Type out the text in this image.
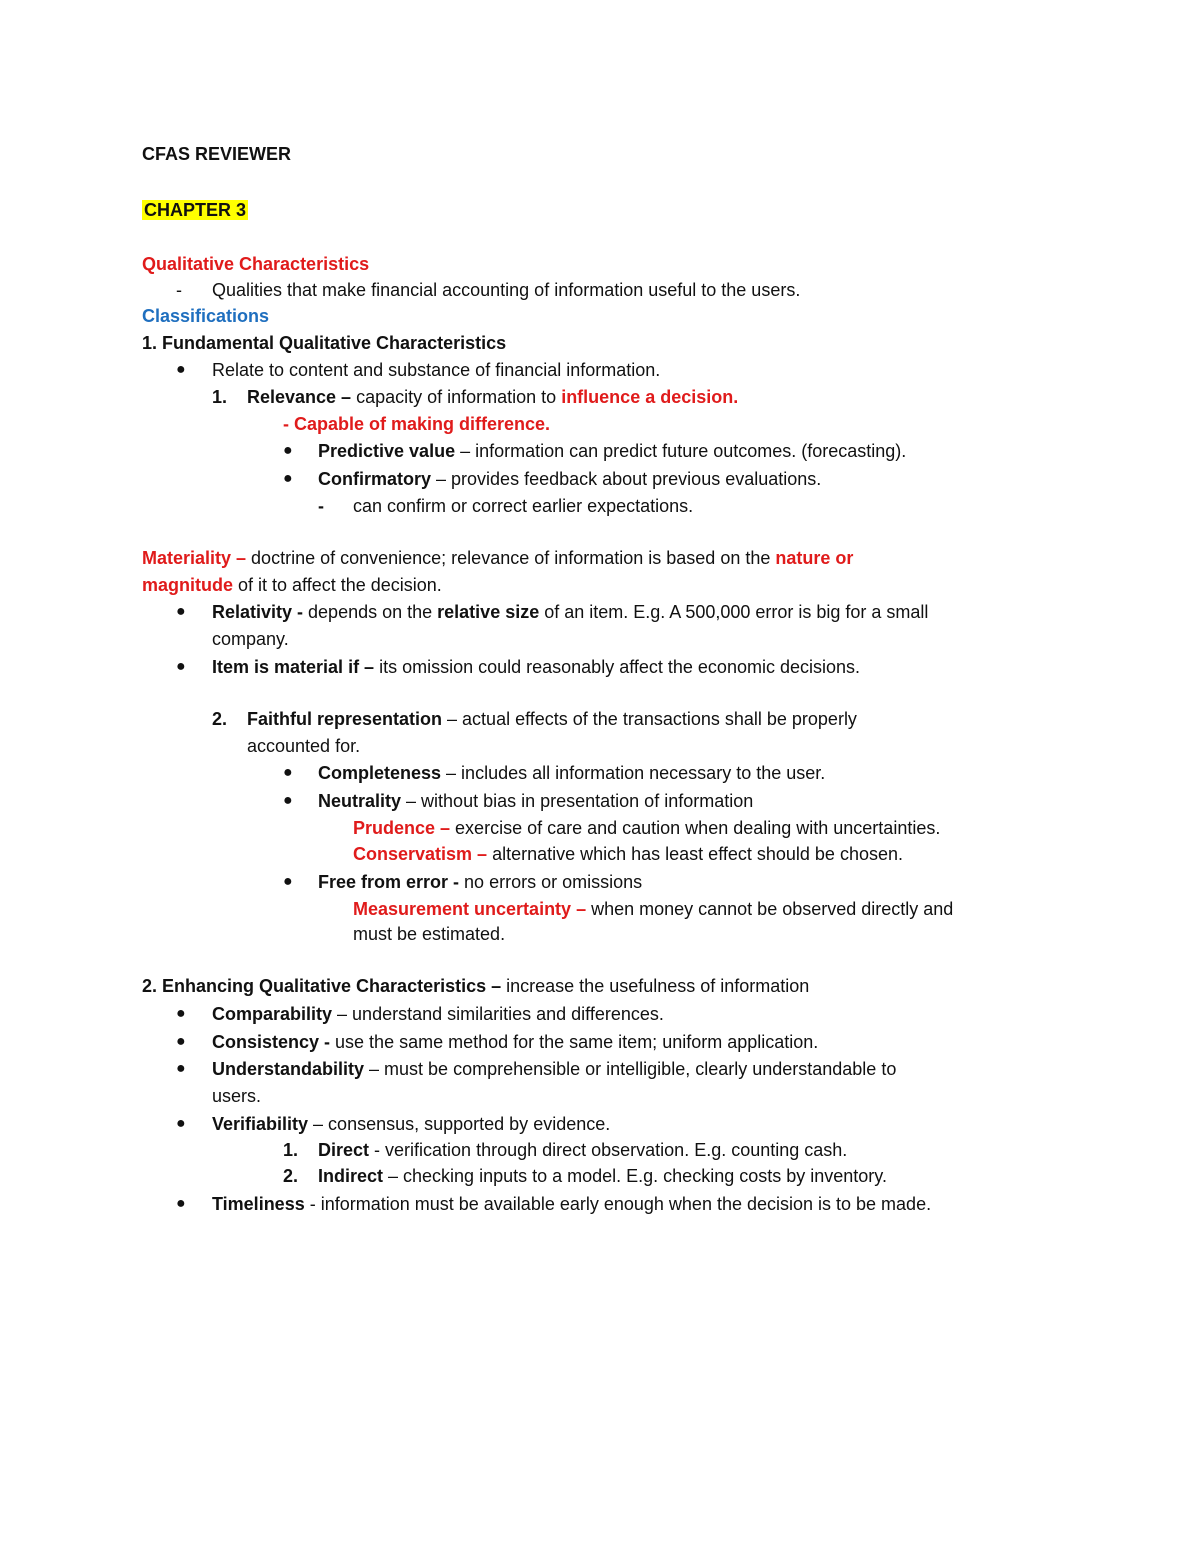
CFAS REVIEWER
CHAPTER 3
Qualitative Characteristics
- Qualities that make financial accounting of information useful to the users.
Classifications
1. Fundamental Qualitative Characteristics
● Relate to content and substance of financial information.
1. Relevance – capacity of information to influence a decision.
- Capable of making difference.
● Predictive value – information can predict future outcomes. (forecasting).
● Confirmatory – provides feedback about previous evaluations.
- can confirm or correct earlier expectations.
Materiality – doctrine of convenience; relevance of information is based on the nature or
magnitude of it to affect the decision.
● Relativity - depends on the relative size of an item. E.g. A 500,000 error is big for a small
company.
● Item is material if – its omission could reasonably affect the economic decisions.
2. Faithful representation – actual effects of the transactions shall be properly
accounted for.
● Completeness – includes all information necessary to the user.
● Neutrality – without bias in presentation of information
Prudence – exercise of care and caution when dealing with uncertainties.
Conservatism – alternative which has least effect should be chosen.
● Free from error - no errors or omissions
Measurement uncertainty – when money cannot be observed directly and
must be estimated.
2. Enhancing Qualitative Characteristics – increase the usefulness of information
● Comparability – understand similarities and differences.
● Consistency - use the same method for the same item; uniform application.
● Understandability – must be comprehensible or intelligible, clearly understandable to
users.
● Verifiability – consensus, supported by evidence.
1. Direct - verification through direct observation. E.g. counting cash.
2. Indirect – checking inputs to a model. E.g. checking costs by inventory.
● Timeliness - information must be available early enough when the decision is to be made.
